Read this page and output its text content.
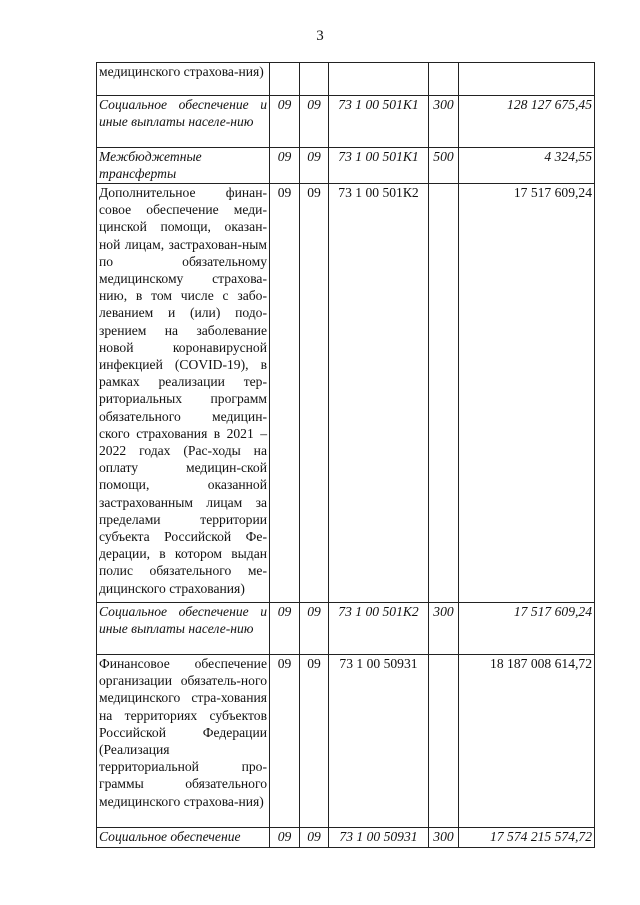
3
медицинского страхова-ния)					
Социальное обеспечение и иные выплаты населе-нию	09	09	73 1 00 501К1	300	128 127 675,45
Межбюджетные трансферты	09	09	73 1 00 501К1	500	4 324,55
Дополнительное финан-совое обеспечение меди-цинской помощи, оказан-ной лицам, застрахован-ным по обязательному медицинскому страхова-нию, в том числе с забо-леванием и (или) подо-зрением на заболевание новой коронавирусной инфекцией (COVID-19), в рамках реализации тер-риториальных программ обязательного медицин-ского страхования в 2021 – 2022 годах (Рас-ходы на оплату медицин-ской помощи, оказанной застрахованным лицам за пределами территории субъекта Российской Фе-дерации, в котором выдан полис обязательного ме-дицинского страхования)	09	09	73 1 00 501К2		17 517 609,24
Социальное обеспечение и иные выплаты населе-нию	09	09	73 1 00 501К2	300	17 517 609,24
Финансовое обеспечение организации обязатель-ного медицинского стра-хования на территориях субъектов Российской Федерации (Реализация территориальной про-граммы обязательного медицинского страхова-ния)	09	09	73 1 00 50931		18 187 008 614,72
Социальное обеспечение	09	09	73 1 00 50931	300	17 574 215 574,72
